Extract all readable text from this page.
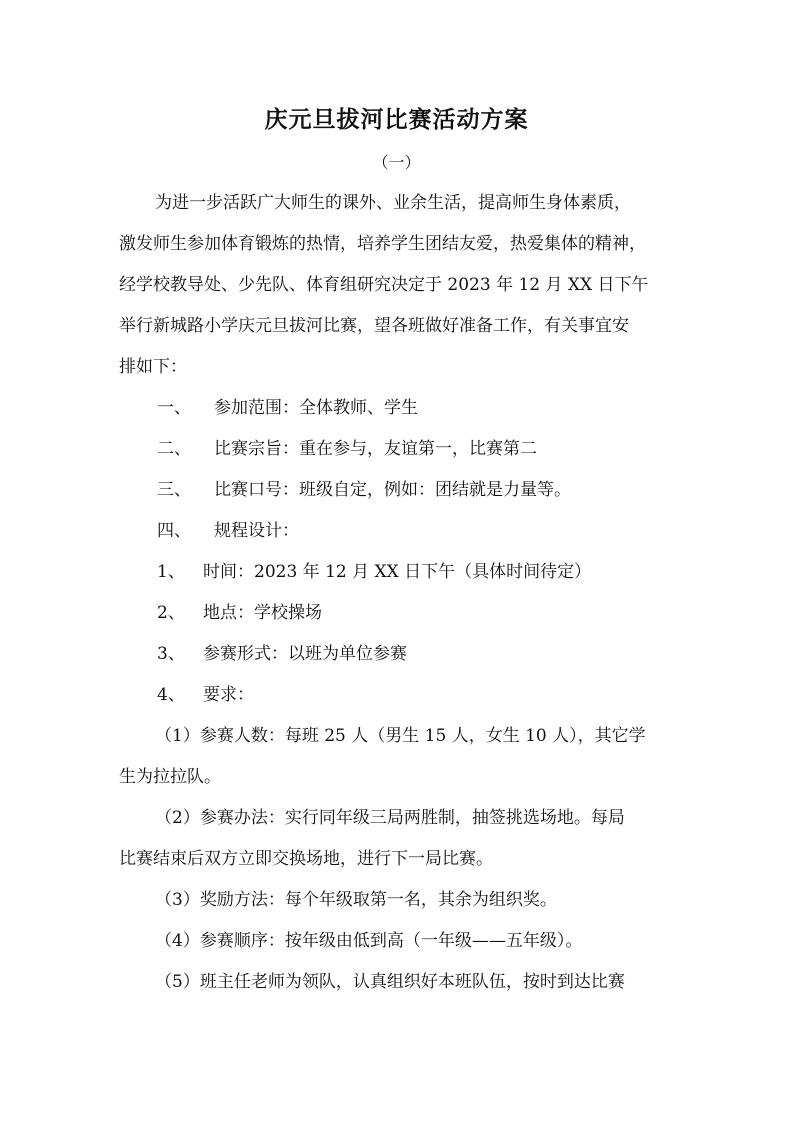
庆元旦拔河比赛活动方案
（一）
为进一步活跃广大师生的课外、业余生活，提高师生身体素质，
激发师生参加体育锻炼的热情，培养学生团结友爱，热爱集体的精神，
经学校教导处、少先队、体育组研究决定于 2023 年 12 月 XX 日下午
举行新城路小学庆元旦拔河比赛，望各班做好准备工作，有关事宜安
排如下：
一、 参加范围：全体教师、学生
二、 比赛宗旨：重在参与，友谊第一，比赛第二
三、 比赛口号：班级自定，例如：团结就是力量等。
四、 规程设计：
1、 时间：2023 年 12 月 XX 日下午（具体时间待定）
2、 地点：学校操场
3、 参赛形式：以班为单位参赛
4、 要求：
（1）参赛人数：每班 25 人（男生 15 人，女生 10 人），其它学
生为拉拉队。
（2）参赛办法：实行同年级三局两胜制，抽签挑选场地。每局
比赛结束后双方立即交换场地，进行下一局比赛。
（3）奖励方法：每个年级取第一名，其余为组织奖。
（4）参赛顺序：按年级由低到高（一年级——五年级）。
（5）班主任老师为领队，认真组织好本班队伍，按时到达比赛
